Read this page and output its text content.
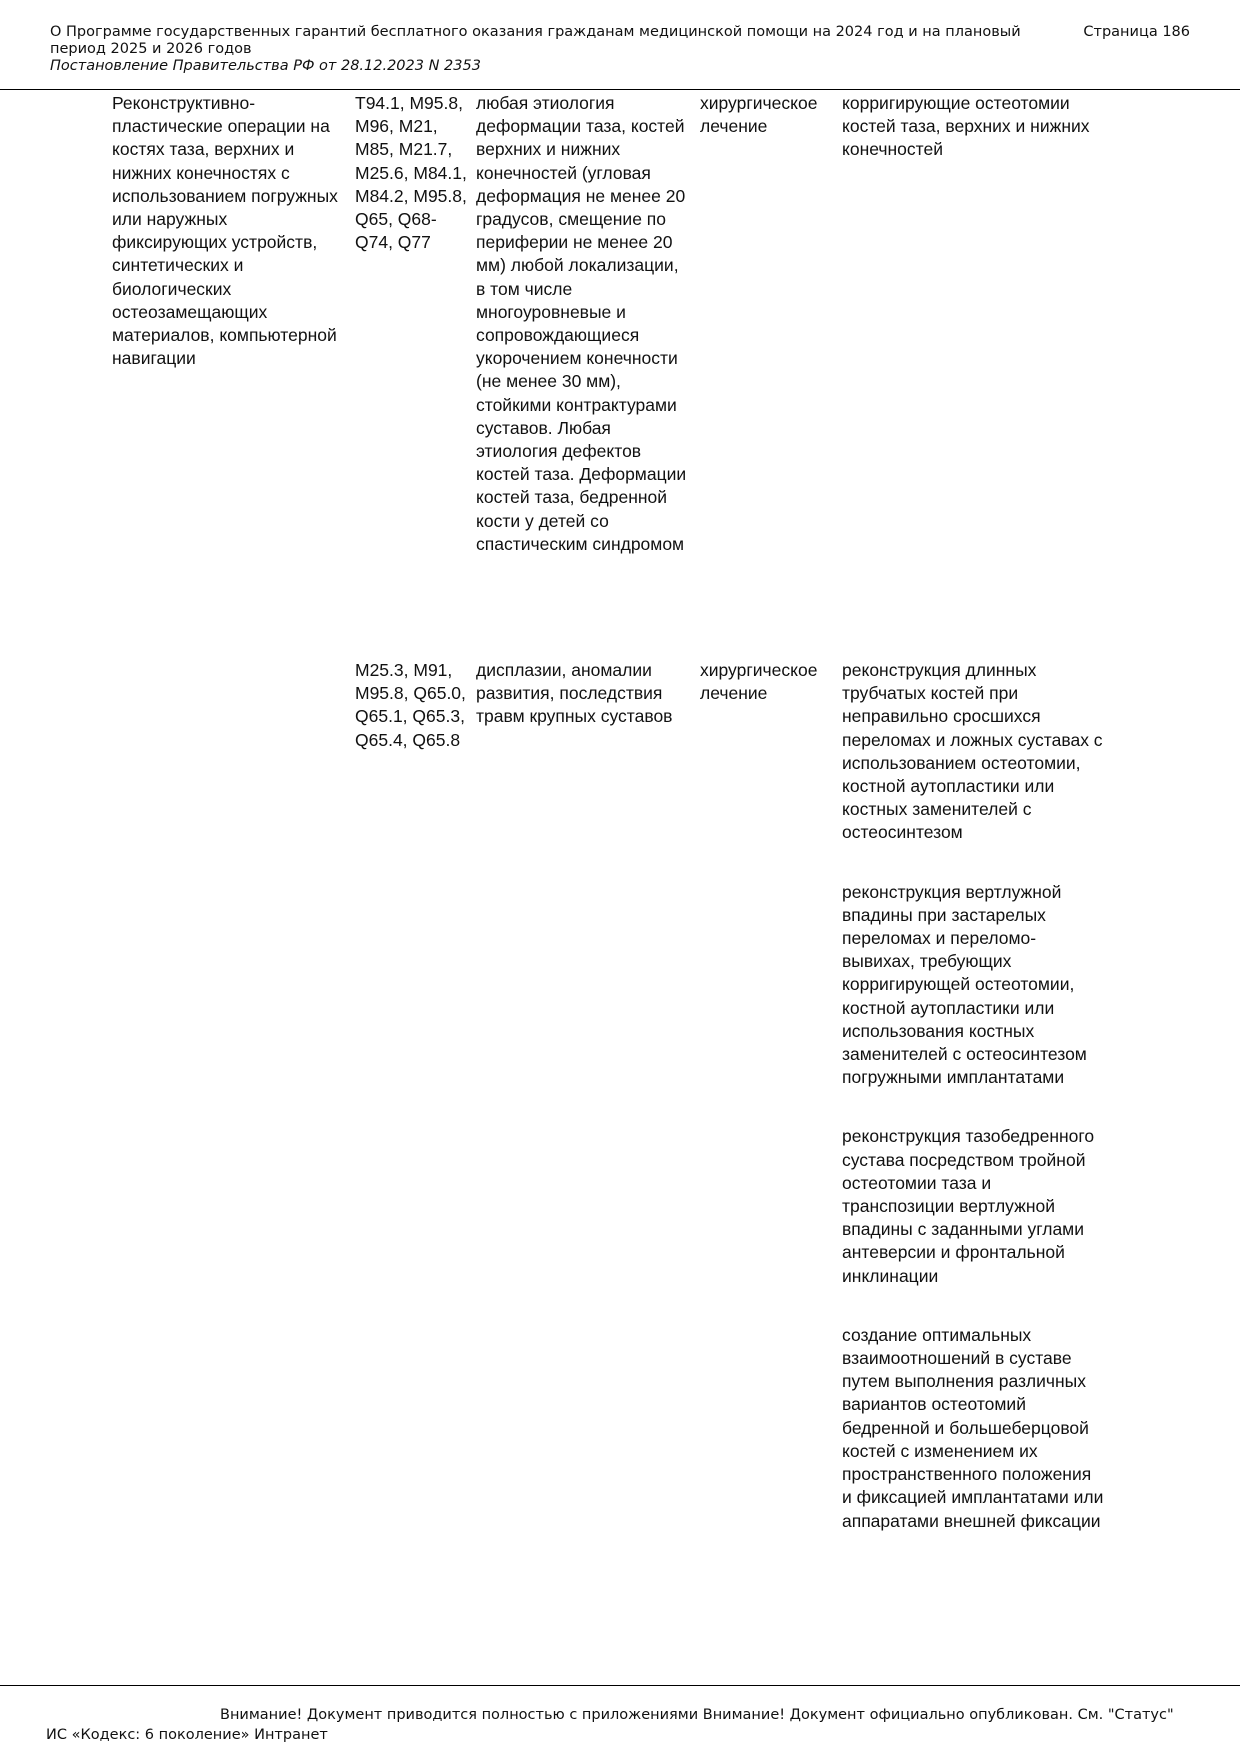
О Программе государственных гарантий бесплатного оказания гражданам медицинской помощи на 2024 год и на плановый период 2025 и 2026 годов
Постановление Правительства РФ от 28.12.2023 N 2353
Страница 186
Реконструктивно-пластические операции на костях таза, верхних и нижних конечностях с использованием погружных или наружных фиксирующих устройств, синтетических и биологических остеозамещающих материалов, компьютерной навигации
T94.1, M95.8, M96, M21, M85, M21.7, M25.6, M84.1, M84.2, M95.8, Q65, Q68-Q74, Q77
любая этиология деформации таза, костей верхних и нижних конечностей (угловая деформация не менее 20 градусов, смещение по периферии не менее 20 мм) любой локализации, в том числе многоуровневые и сопровождающиеся укорочением конечности (не менее 30 мм), стойкими контрактурами суставов. Любая этиология дефектов костей таза. Деформации костей таза, бедренной кости у детей со спастическим синдромом
хирургическое лечение

корригирующие остеотомии костей таза, верхних и нижних конечностей

M25.3, M91, M95.8, Q65.0, Q65.1, Q65.3, Q65.4, Q65.8
дисплазии, аномалии развития, последствия травм крупных суставов
хирургическое лечение

реконструкция длинных трубчатых костей при неправильно сросшихся переломах и ложных суставах с использованием остеотомии, костной аутопластики или костных заменителей с остеосинтезом

реконструкция вертлужной впадины при застарелых переломах и переломо-вывихах, требующих корригирующей остеотомии, костной аутопластики или использования костных заменителей с остеосинтезом погружными имплантатами

реконструкция тазобедренного сустава посредством тройной остеотомии таза и транспозиции вертлужной впадины с заданными углами антеверсии и фронтальной инклинации

создание оптимальных взаимоотношений в суставе путем выполнения различных вариантов остеотомий бедренной и большеберцовой костей с изменением их пространственного положения и фиксацией имплантатами или аппаратами внешней фиксации

Внимание! Документ приводится полностью с приложениями Внимание! Документ официально опубликован. См. "Статус"
ИС «Кодекс: 6 поколение» Интранет
